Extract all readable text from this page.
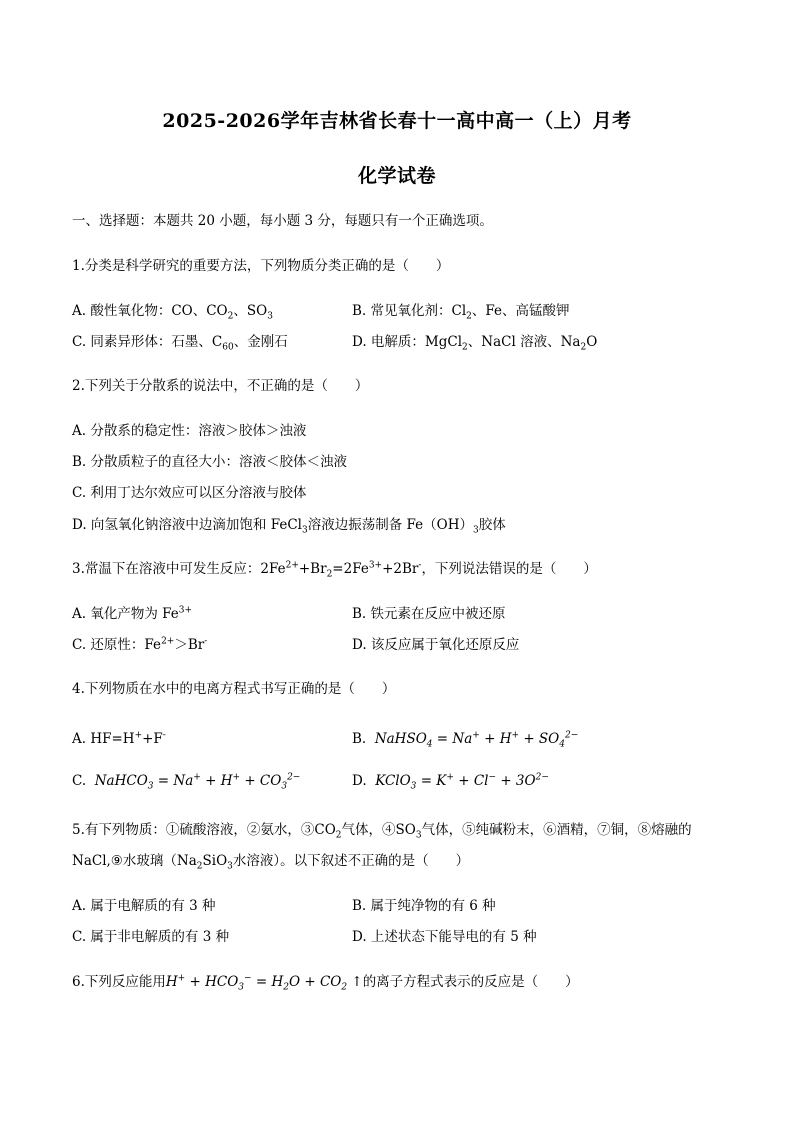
2025-2026学年吉林省长春十一高中高一（上）月考
化学试卷
一、选择题：本题共 20 小题，每小题 3 分，每题只有一个正确选项。
1.分类是科学研究的重要方法，下列物质分类正确的是（　　）
A. 酸性氧化物：CO、$CO_2$、$SO_3$	B. 常见氧化剂：$Cl_2$、Fe、高锰酸钾
C. 同素异形体：石墨、$C_{60}$、金刚石	D. 电解质：MgCl$_2$、NaCl 溶液、$Na_2O$
2.下列关于分散系的说法中，不正确的是（　　）
A. 分散系的稳定性：溶液＞胶体＞浊液
B. 分散质粒子的直径大小：溶液＜胶体＜浊液
C. 利用丁达尔效应可以区分溶液与胶体
D. 向氢氧化钠溶液中边滴加饱和 FeCl$_3$溶液边振荡制备 $Fe(OH)_3$胶体
3.常温下在溶液中可发生反应：$2Fe^{2+}+Br_2=2Fe^{3+}+2Br^-$，下列说法错误的是（　　）
A. 氧化产物为 $Fe^{3+}$	B. 铁元素在反应中被还原
C. 还原性：$Fe^{2+}>Br^-$	D. 该反应属于氧化还原反应
4.下列物质在水中的电离方程式书写正确的是（　　）
A. HF=H++F-	B. NaHSO$_4$ = $Na^+ + H^+ + SO_4^{2-}$
C. NaHCO$_3$ = $Na^+ + H^+ + CO_3^{2-}$	D. KClO$_3$ = $K^+ + Cl^- + 3O^{2-}$
5.有下列物质：①硫酸溶液，②氨水，$③CO_2$气体，$④SO_3$气体，⑤纯碱粉末，⑥酒精，⑦铜，⑧熔融的
NaCl,⑨水玻璃（$Na_2SiO_3$水溶液）。以下叙述不正确的是（　　）
A. 属于电解质的有 3 种	B. 属于纯净物的有 6 种
C. 属于非电解质的有 3 种	D. 上述状态下能导电的有 5 种
6.下列反应能用$H^+ + HCO_3^- = H_2O + CO_2$ ↑的离子方程式表示的反应是（　　）
